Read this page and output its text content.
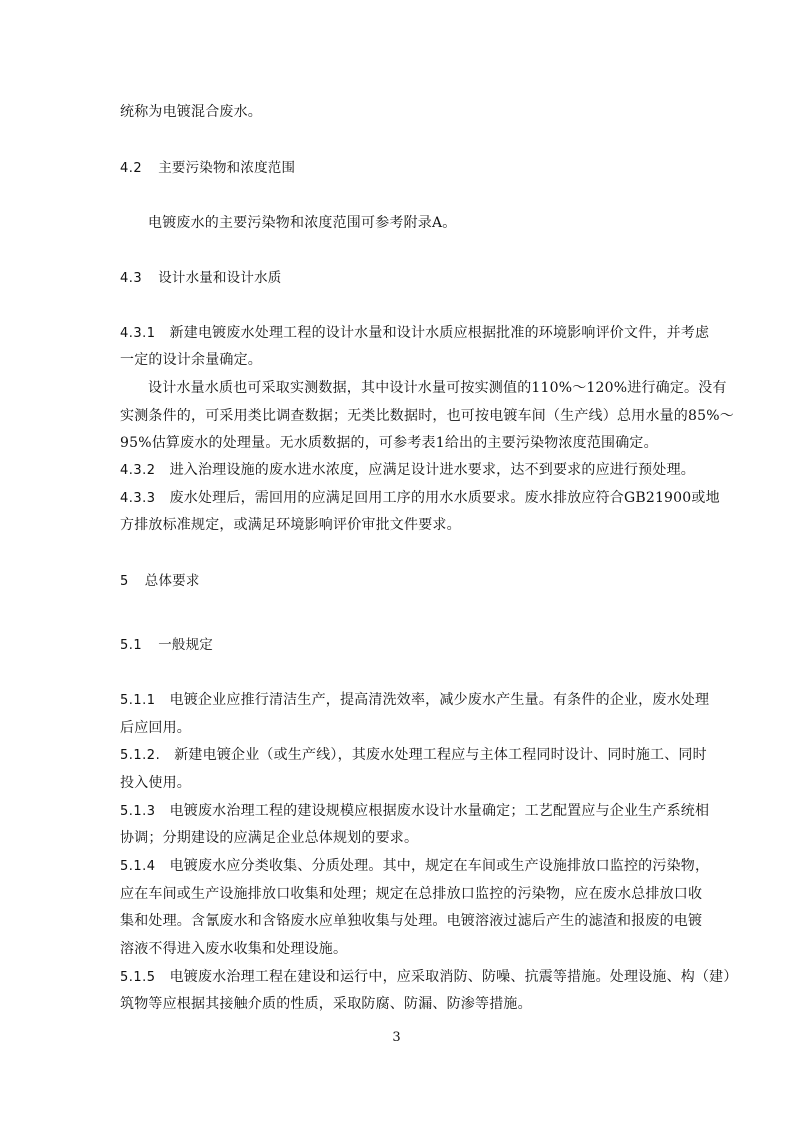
统称为电镀混合废水。
4.2 主要污染物和浓度范围
电镀废水的主要污染物和浓度范围可参考附录A。
4.3 设计水量和设计水质
4.3.1 新建电镀废水处理工程的设计水量和设计水质应根据批准的环境影响评价文件，并考虑
一定的设计余量确定。
设计水量水质也可采取实测数据，其中设计水量可按实测值的110%～120%进行确定。没有
实测条件的，可采用类比调查数据；无类比数据时，也可按电镀车间（生产线）总用水量的85%～
95%估算废水的处理量。无水质数据的，可参考表1给出的主要污染物浓度范围确定。
4.3.2 进入治理设施的废水进水浓度，应满足设计进水要求，达不到要求的应进行预处理。
4.3.3 废水处理后，需回用的应满足回用工序的用水水质要求。废水排放应符合GB21900或地
方排放标准规定，或满足环境影响评价审批文件要求。
5 总体要求
5.1 一般规定
5.1.1 电镀企业应推行清洁生产，提高清洗效率，减少废水产生量。有条件的企业，废水处理
后应回用。
5.1.2. 新建电镀企业（或生产线），其废水处理工程应与主体工程同时设计、同时施工、同时
投入使用。
5.1.3 电镀废水治理工程的建设规模应根据废水设计水量确定；工艺配置应与企业生产系统相
协调；分期建设的应满足企业总体规划的要求。
5.1.4 电镀废水应分类收集、分质处理。其中，规定在车间或生产设施排放口监控的污染物，
应在车间或生产设施排放口收集和处理；规定在总排放口监控的污染物，应在废水总排放口收
集和处理。含氰废水和含铬废水应单独收集与处理。电镀溶液过滤后产生的滤渣和报废的电镀
溶液不得进入废水收集和处理设施。
5.1.5 电镀废水治理工程在建设和运行中，应采取消防、防噪、抗震等措施。处理设施、构（建）
筑物等应根据其接触介质的性质，采取防腐、防漏、防渗等措施。
3
